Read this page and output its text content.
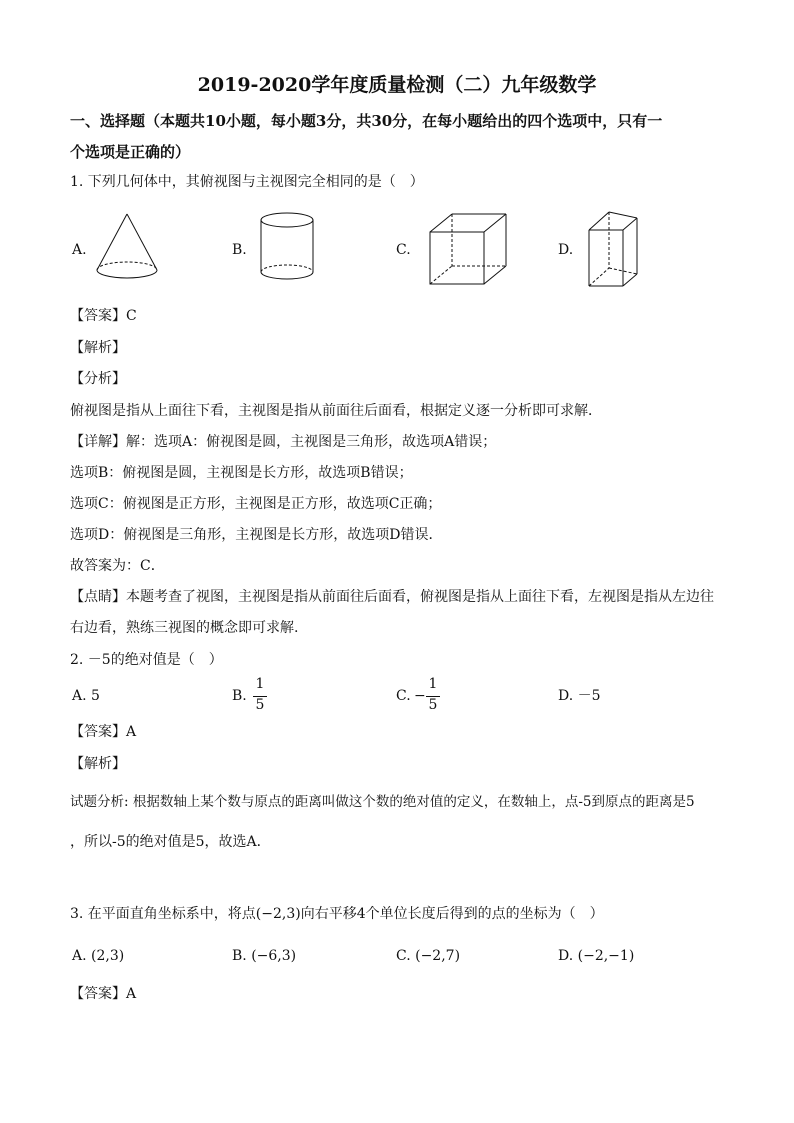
2019-2020学年度质量检测（二）九年级数学
一、选择题（本题共10小题，每小题3分，共30分，在每小题给出的四个选项中，只有一
个选项是正确的）
1. 下列几何体中，其俯视图与主视图完全相同的是（　）
A.	B.	C.	D.
【答案】C
【解析】
【分析】
俯视图是指从上面往下看，主视图是指从前面往后面看，根据定义逐一分析即可求解．
【详解】解：选项A：俯视图是圆，主视图是三角形，故选项A错误；
选项B：俯视图是圆，主视图是长方形，故选项B错误；
选项C：俯视图是正方形，主视图是正方形，故选项C正确；
选项D：俯视图是三角形，主视图是长方形，故选项D错误．
故答案为：C．
【点睛】本题考查了视图，主视图是指从前面往后面看，俯视图是指从上面往下看，左视图是指从左边往
右边看，熟练三视图的概念即可求解.
2. －5的绝对值是（　）
A. 5	B.
1
5
C. −
1
5
D. －5
【答案】A
【解析】
试题分析: 根据数轴上某个数与原点的距离叫做这个数的绝对值的定义，在数轴上，点-5到原点的距离是5
，所以-5的绝对值是5，故选A．
3. 在平面直角坐标系中，将点(−2,3)向右平移4个单位长度后得到的点的坐标为（　）
A. (2,3)	B. (−6,3)	C. (−2,7)	D. (−2,−1)
【答案】A
